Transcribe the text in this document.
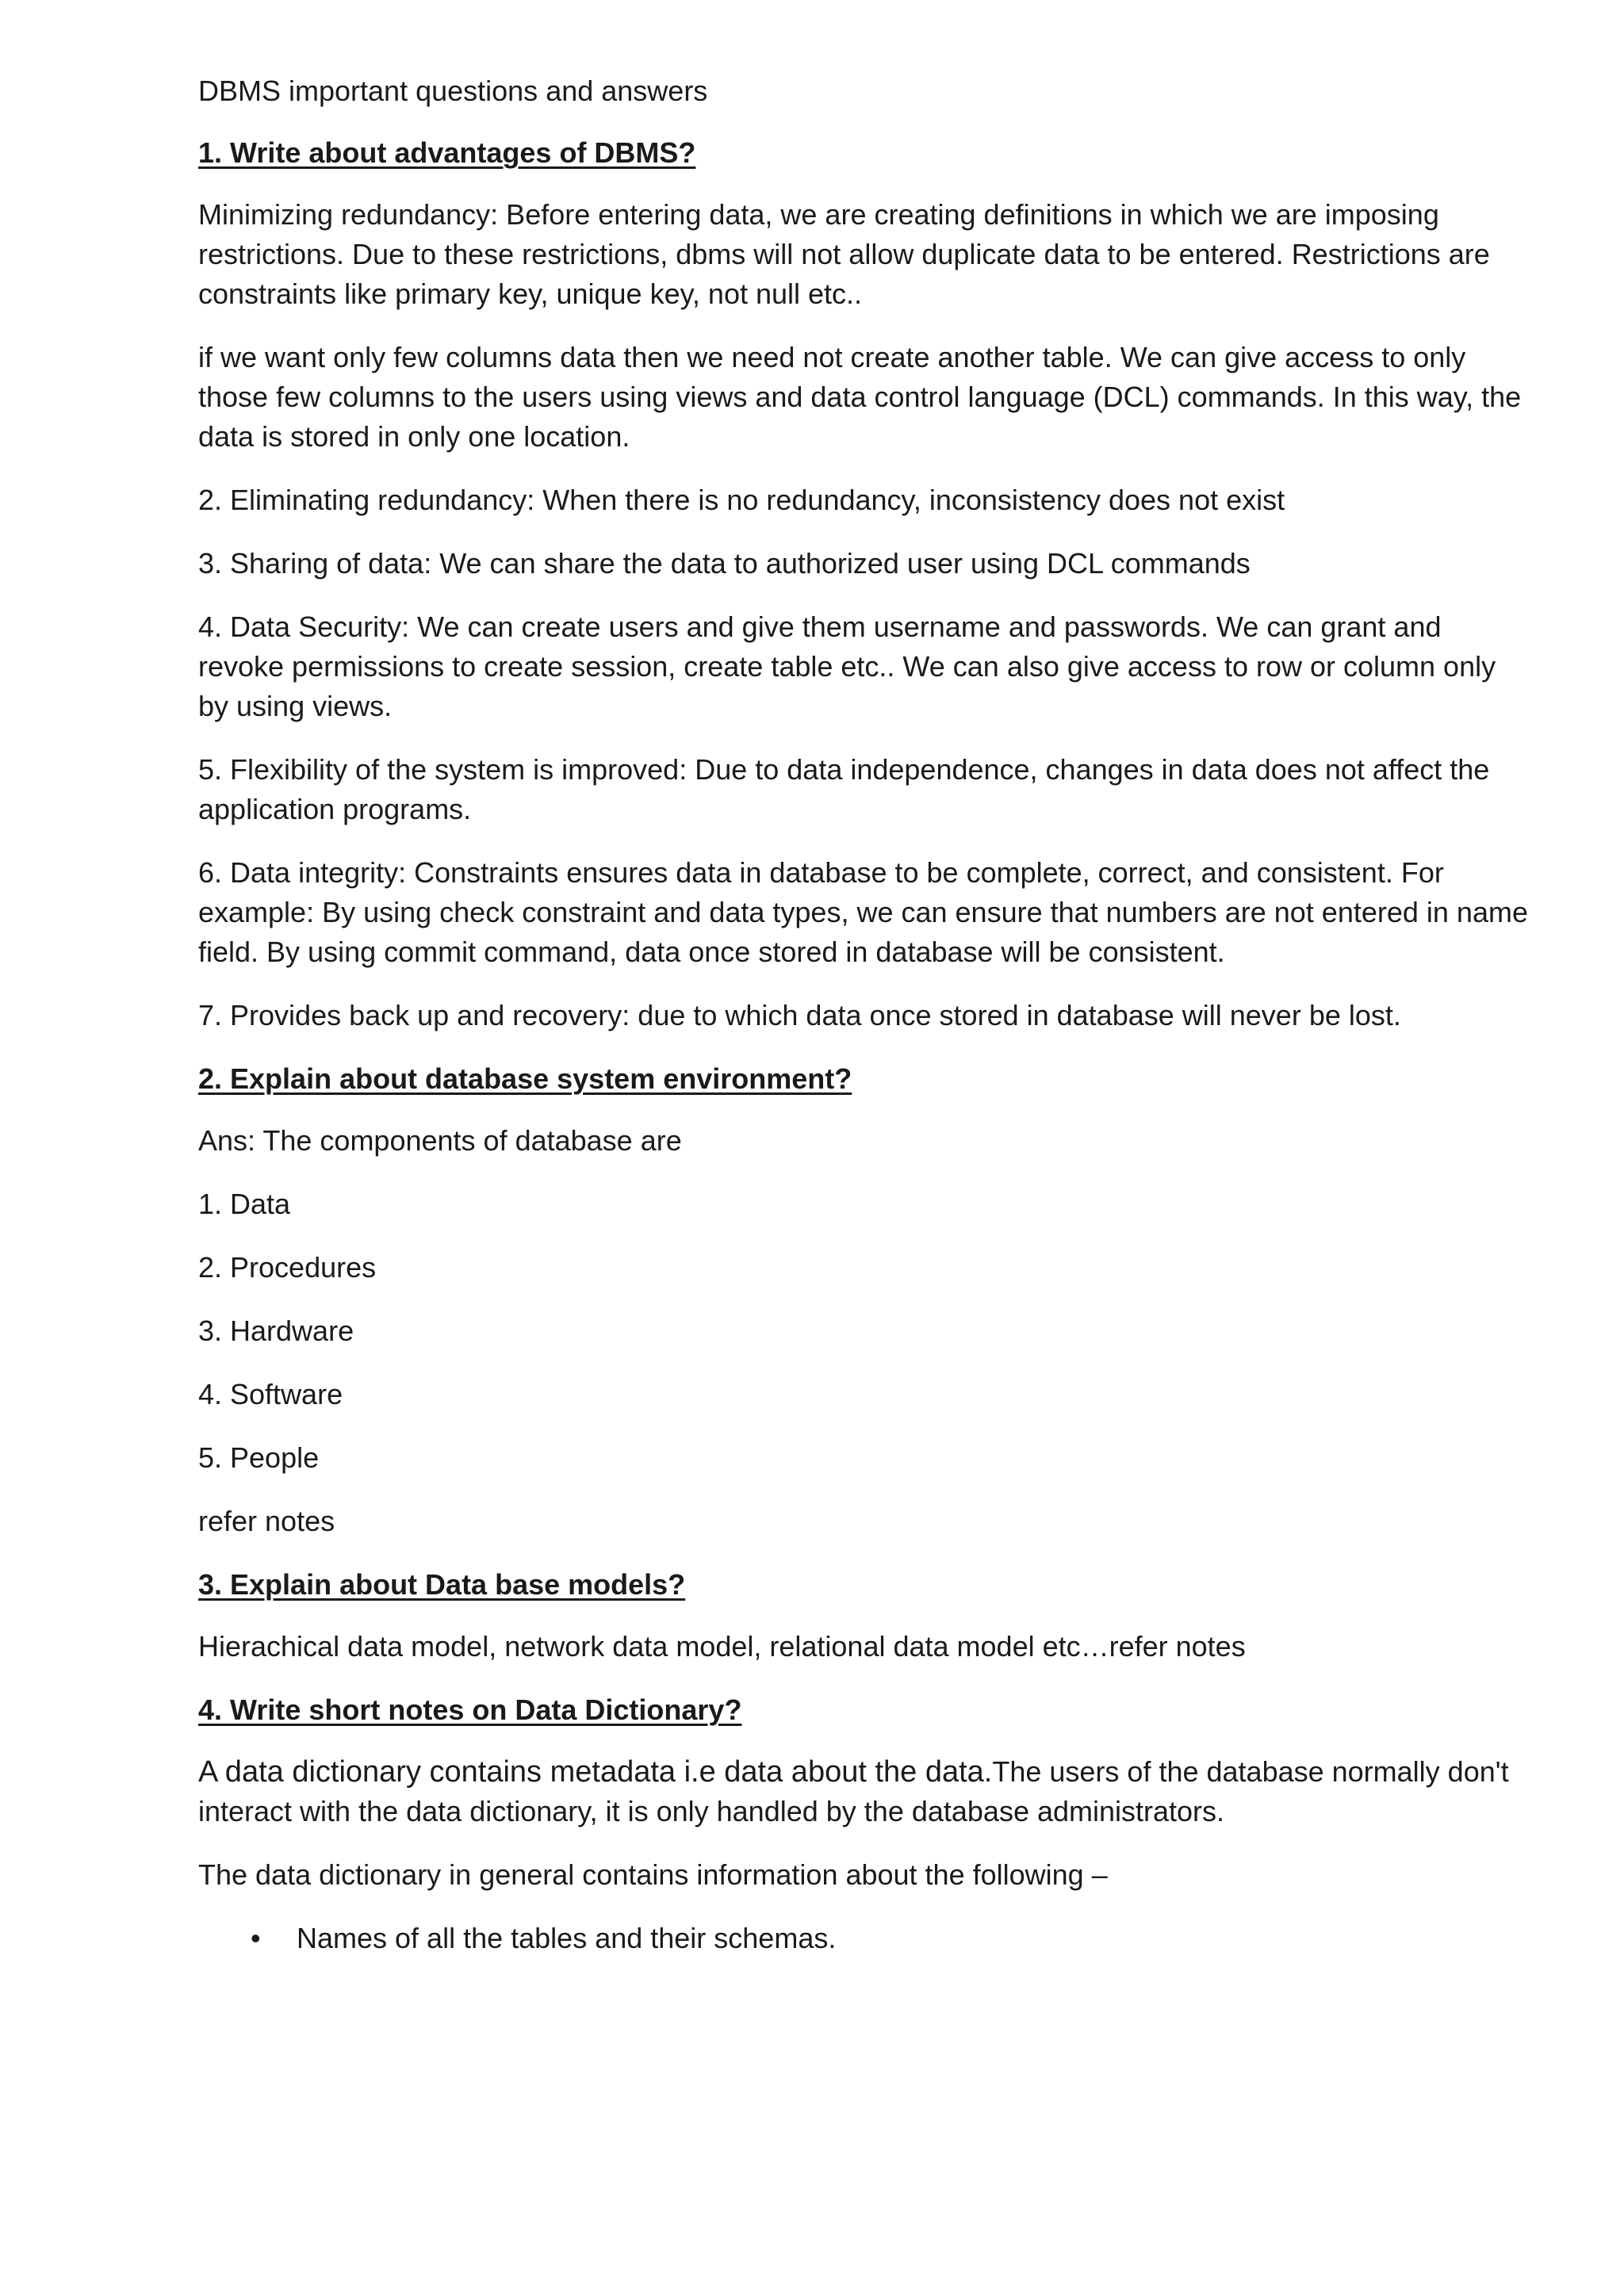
DBMS important questions and answers

1. Write about advantages of DBMS?

Minimizing redundancy: Before entering data, we are creating definitions in which we are imposing restrictions. Due to these restrictions, dbms will not allow duplicate data to be entered. Restrictions are constraints like primary key, unique key, not null etc..

if we want only few columns data then we need not create another table. We can give access to only those few columns to the users using views and data control language (DCL) commands. In this way, the data is stored in only one location.

2. Eliminating redundancy: When there is no redundancy, inconsistency does not exist

3. Sharing of data: We can share the data to authorized user using DCL commands

4. Data Security: We can create users and give them username and passwords. We can grant and revoke permissions to create session, create table etc.. We can also give access to row or column only by using views.

5. Flexibility of the system is improved: Due to data independence, changes in data does not affect the application programs.

6. Data integrity: Constraints ensures data in database to be complete, correct, and consistent. For example: By using check constraint and data types, we can ensure that numbers are not entered in name field. By using commit command, data once stored in database will be consistent.

7. Provides back up and recovery: due to which data once stored in database will never be lost.

2. Explain about database system environment?

Ans: The components of database are

1. Data

2. Procedures

3. Hardware

4. Software

5. People

refer notes

3. Explain about Data base models?

Hierachical data model, network data model, relational data model etc…refer notes

4. Write short notes on Data Dictionary?

A data dictionary contains metadata i.e data about the data.The users of the database normally don't interact with the data dictionary, it is only handled by the database administrators.

The data dictionary in general contains information about the following –

• Names of all the tables and their schemas.
